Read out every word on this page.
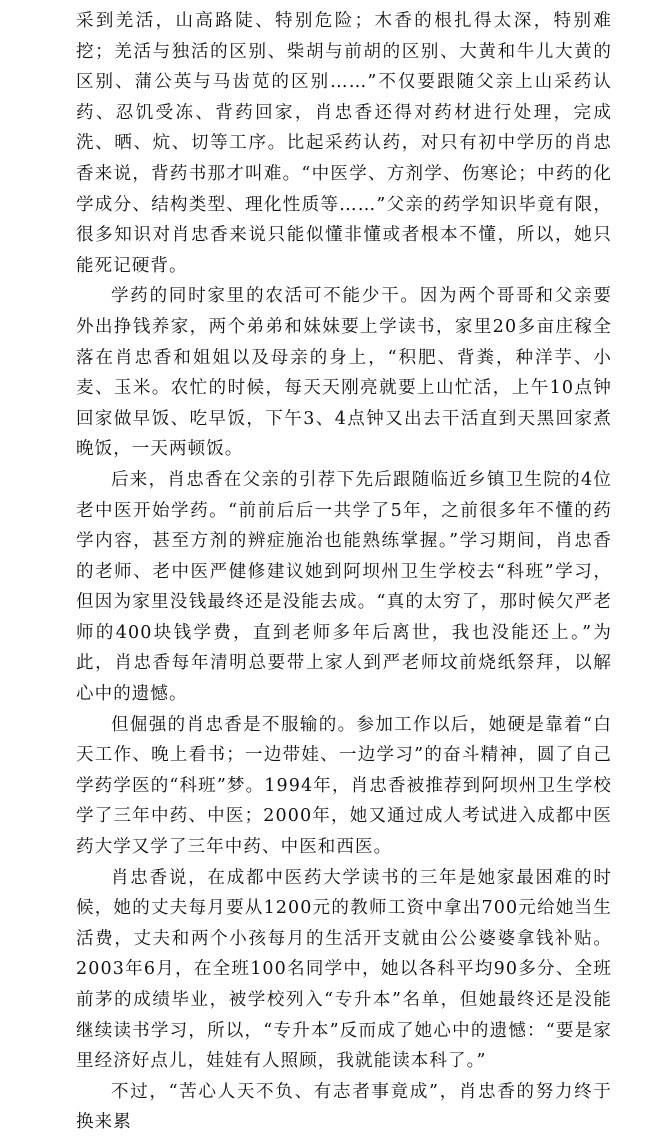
采到羌活，山高路陡、特别危险；木香的根扎得太深，特别难挖；羌活与独活的区别、柴胡与前胡的区别、大黄和牛儿大黄的区别、蒲公英与马齿苋的区别……”不仅要跟随父亲上山采药认药、忍饥受冻、背药回家，肖忠香还得对药材进行处理，完成洗、晒、炕、切等工序。比起采药认药，对只有初中学历的肖忠香来说，背药书那才叫难。“中医学、方剂学、伤寒论；中药的化学成分、结构类型、理化性质等……”父亲的药学知识毕竟有限，很多知识对肖忠香来说只能似懂非懂或者根本不懂，所以，她只能死记硬背。

学药的同时家里的农活可不能少干。因为两个哥哥和父亲要外出挣钱养家，两个弟弟和妹妹要上学读书，家里20多亩庄稼全落在肖忠香和姐姐以及母亲的身上，“积肥、背粪，种洋芋、小麦、玉米。农忙的时候，每天天刚亮就要上山忙活，上午10点钟回家做早饭、吃早饭，下午3、4点钟又出去干活直到天黑回家煮晚饭，一天两顿饭。

后来，肖忠香在父亲的引荐下先后跟随临近乡镇卫生院的4位老中医开始学药。“前前后后一共学了5年，之前很多年不懂的药学内容，甚至方剂的辨症施治也能熟练掌握。”学习期间，肖忠香的老师、老中医严健修建议她到阿坝州卫生学校去“科班”学习，但因为家里没钱最终还是没能去成。“真的太穷了，那时候欠严老师的400块钱学费，直到老师多年后离世，我也没能还上。”为此，肖忠香每年清明总要带上家人到严老师坟前烧纸祭拜，以解心中的遗憾。

但倔强的肖忠香是不服输的。参加工作以后，她硬是靠着“白天工作、晚上看书；一边带娃、一边学习”的奋斗精神，圆了自己学药学医的“科班”梦。1994年，肖忠香被推荐到阿坝州卫生学校学了三年中药、中医；2000年，她又通过成人考试进入成都中医药大学又学了三年中药、中医和西医。

肖忠香说，在成都中医药大学读书的三年是她家最困难的时候，她的丈夫每月要从1200元的教师工资中拿出700元给她当生活费，丈夫和两个小孩每月的生活开支就由公公婆婆拿钱补贴。2003年6月，在全班100名同学中，她以各科平均90多分、全班前茅的成绩毕业，被学校列入“专升本”名单，但她最终还是没能继续读书学习，所以，“专升本”反而成了她心中的遗憾：“要是家里经济好点儿，娃娃有人照顾，我就能读本科了。”

不过，“苦心人天不负、有志者事竟成”，肖忠香的努力终于换来累
